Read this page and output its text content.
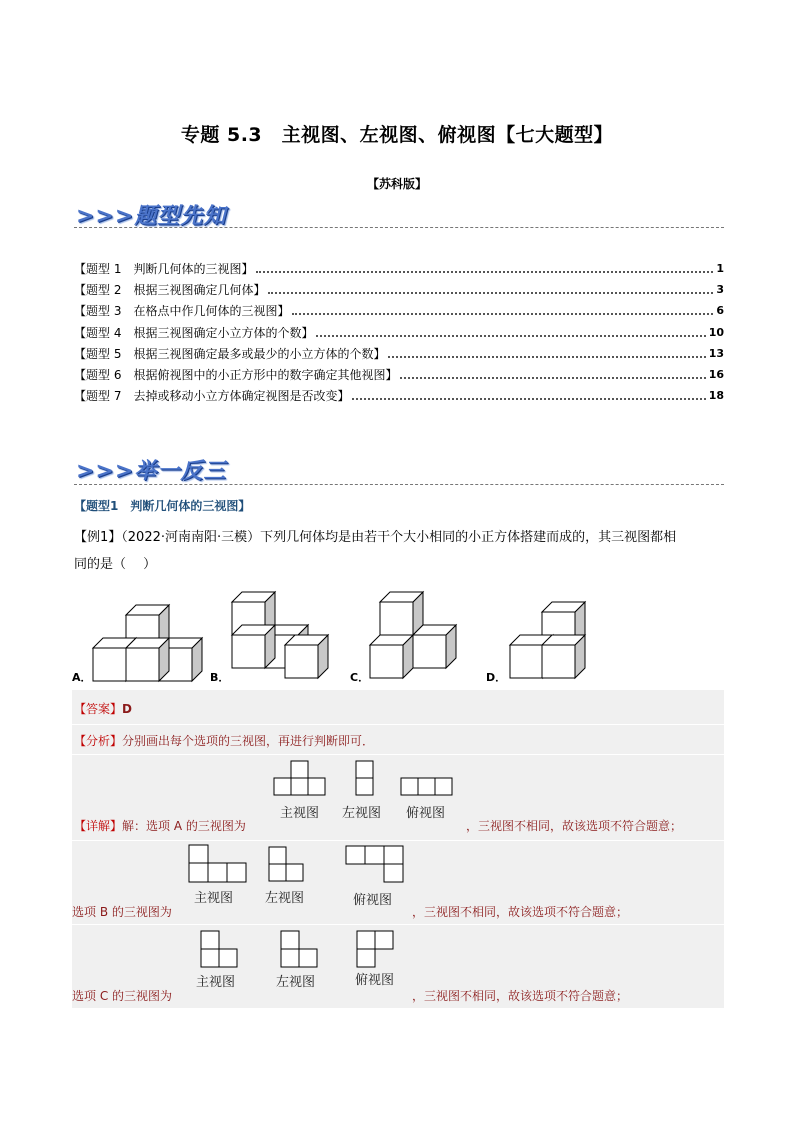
专题 5.3　主视图、左视图、俯视图【七大题型】
【苏科版】
>>>题型先知
【题型 1　判断几何体的三视图】	1
【题型 2　根据三视图确定几何体】	3
【题型 3　在格点中作几何体的三视图】	6
【题型 4　根据三视图确定小立方体的个数】	10
【题型 5　根据三视图确定最多或最少的小立方体的个数】	13
【题型 6　根据俯视图中的小正方形中的数字确定其他视图】	16
【题型 7　去掉或移动小立方体确定视图是否改变】	18
>>>举一反三
【题型1　判断几何体的三视图】
【例1】（2022·河南南阳·三模）下列几何体均是由若干个大小相同的小正方体搭建而成的，其三视图都相
同的是（　 ）
A．	B．	C．	D．
【答案】D
【分析】分别画出每个选项的三视图，再进行判断即可．
【详解】解：选项 A 的三视图为	，三视图不相同，故该选项不符合题意；
主视图 左视图 俯视图
选项 B 的三视图为	，三视图不相同，故该选项不符合题意；
主视图 左视图	俯视图
选项 C 的三视图为	，三视图不相同，故该选项不符合题意；
主视图	左视图	俯视图
